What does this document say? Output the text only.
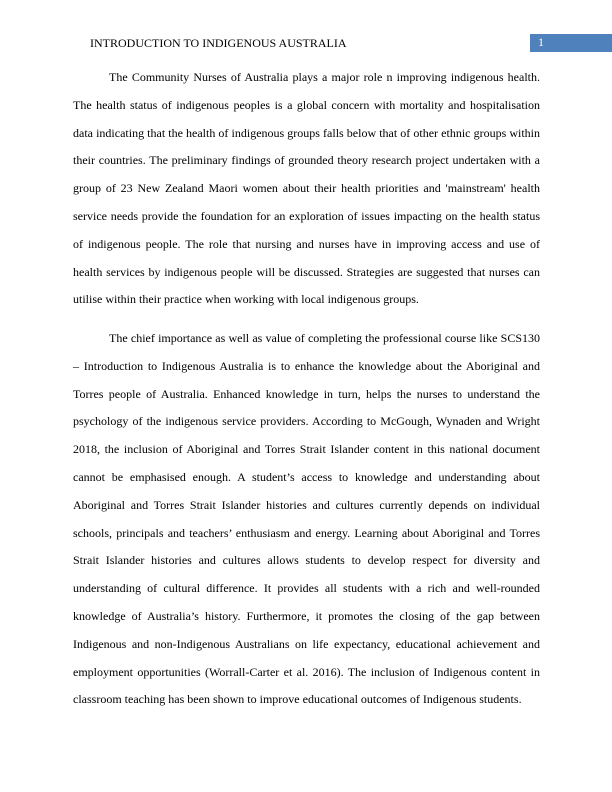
INTRODUCTION TO INDIGENOUS AUSTRALIA	1

The Community Nurses of Australia plays a major role n improving indigenous health. The health status of indigenous peoples is a global concern with mortality and hospitalisation data indicating that the health of indigenous groups falls below that of other ethnic groups within their countries. The preliminary findings of grounded theory research project undertaken with a group of 23 New Zealand Maori women about their health priorities and 'mainstream' health service needs provide the foundation for an exploration of issues impacting on the health status of indigenous people. The role that nursing and nurses have in improving access and use of health services by indigenous people will be discussed. Strategies are suggested that nurses can utilise within their practice when working with local indigenous groups.

The chief importance as well as value of completing the professional course like SCS130 – Introduction to Indigenous Australia is to enhance the knowledge about the Aboriginal and Torres people of Australia. Enhanced knowledge in turn, helps the nurses to understand the psychology of the indigenous service providers. According to McGough, Wynaden and Wright 2018, the inclusion of Aboriginal and Torres Strait Islander content in this national document cannot be emphasised enough. A student’s access to knowledge and understanding about Aboriginal and Torres Strait Islander histories and cultures currently depends on individual schools, principals and teachers’ enthusiasm and energy. Learning about Aboriginal and Torres Strait Islander histories and cultures allows students to develop respect for diversity and understanding of cultural difference. It provides all students with a rich and well-rounded knowledge of Australia’s history. Furthermore, it promotes the closing of the gap between Indigenous and non-Indigenous Australians on life expectancy, educational achievement and employment opportunities (Worrall-Carter et al. 2016). The inclusion of Indigenous content in classroom teaching has been shown to improve educational outcomes of Indigenous students.
